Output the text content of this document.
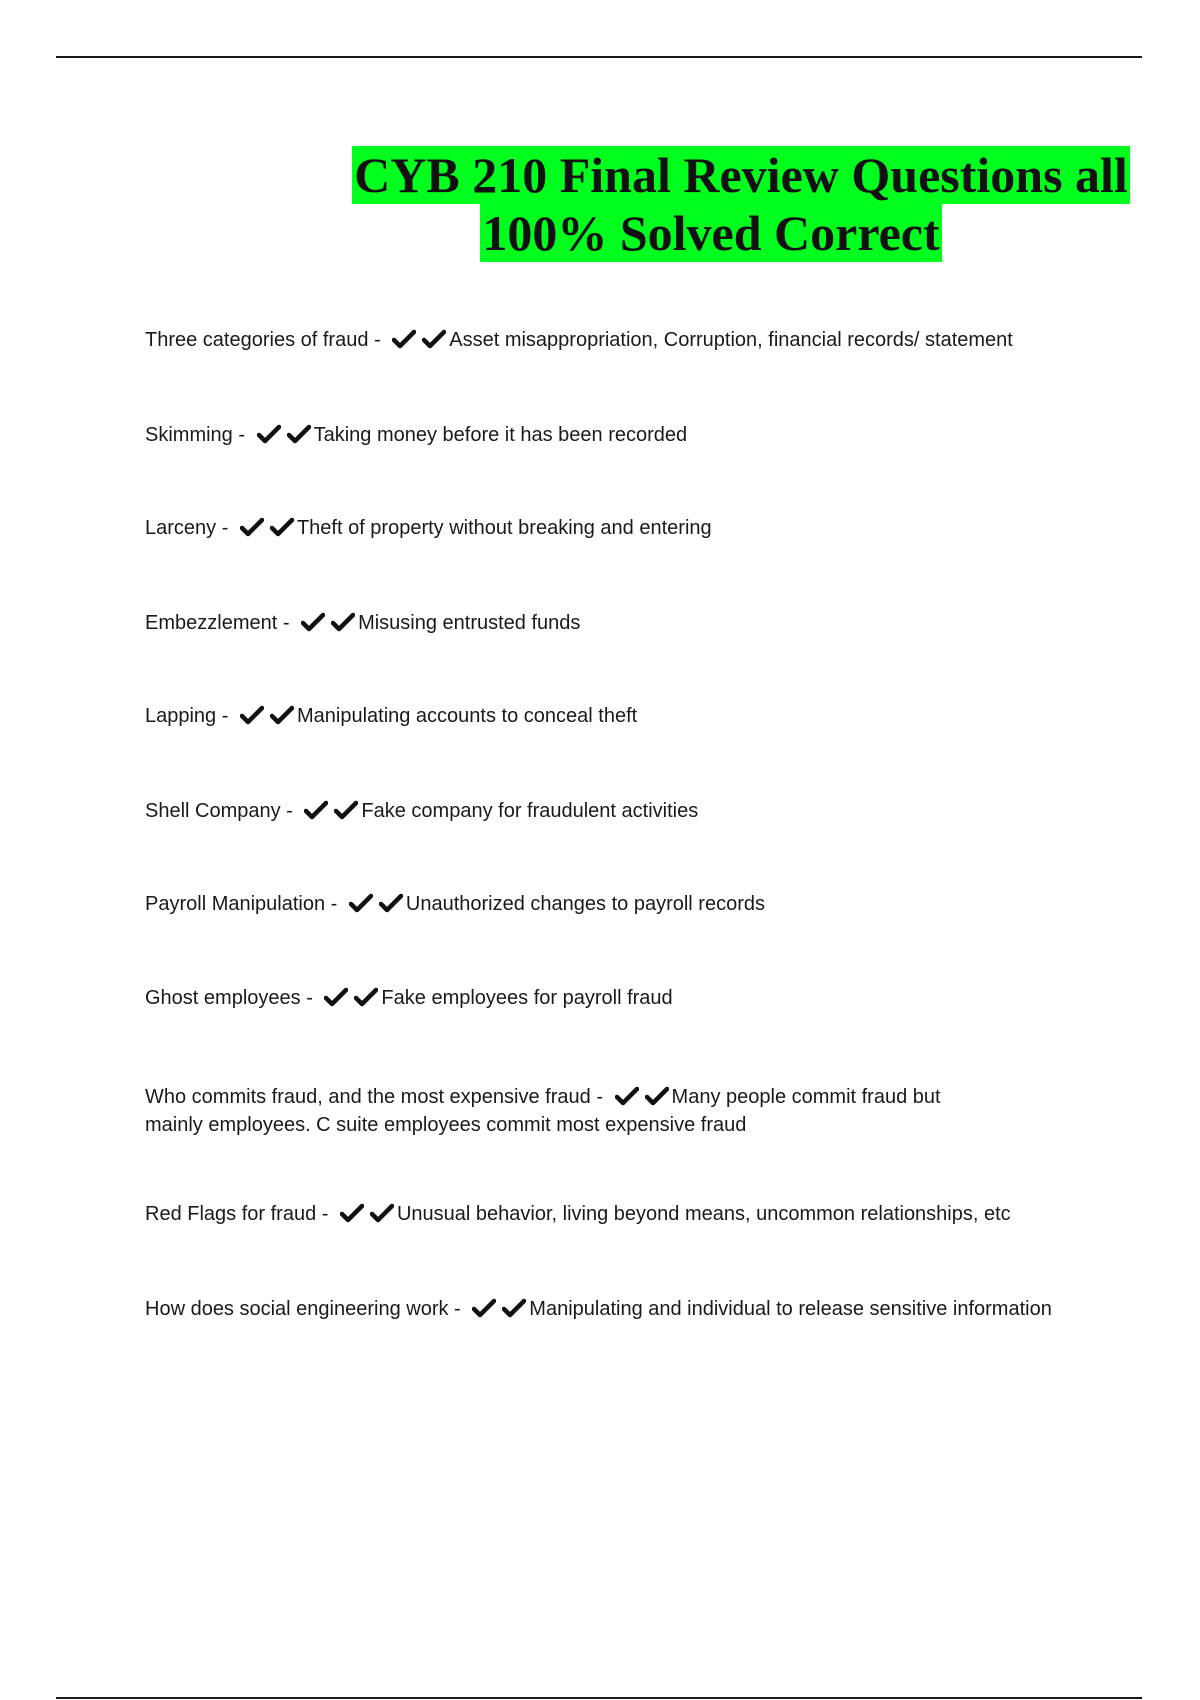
CYB 210 Final Review Questions all
100% Solved Correct
Three categories of fraud -	Asset misappropriation, Corruption, financial records/ statement
Skimming -	Taking money before it has been recorded
Larceny -	Theft of property without breaking and entering
Embezzlement -	Misusing entrusted funds
Lapping -	Manipulating accounts to conceal theft
Shell Company -	Fake company for fraudulent activities
Payroll Manipulation -	Unauthorized changes to payroll records
Ghost employees -	Fake employees for payroll fraud
Who commits fraud, and the most expensive fraud -	Many people commit fraud but mainly employees. C suite employees commit most expensive fraud
Red Flags for fraud -	Unusual behavior, living beyond means, uncommon relationships, etc
How does social engineering work -	Manipulating and individual to release sensitive information
